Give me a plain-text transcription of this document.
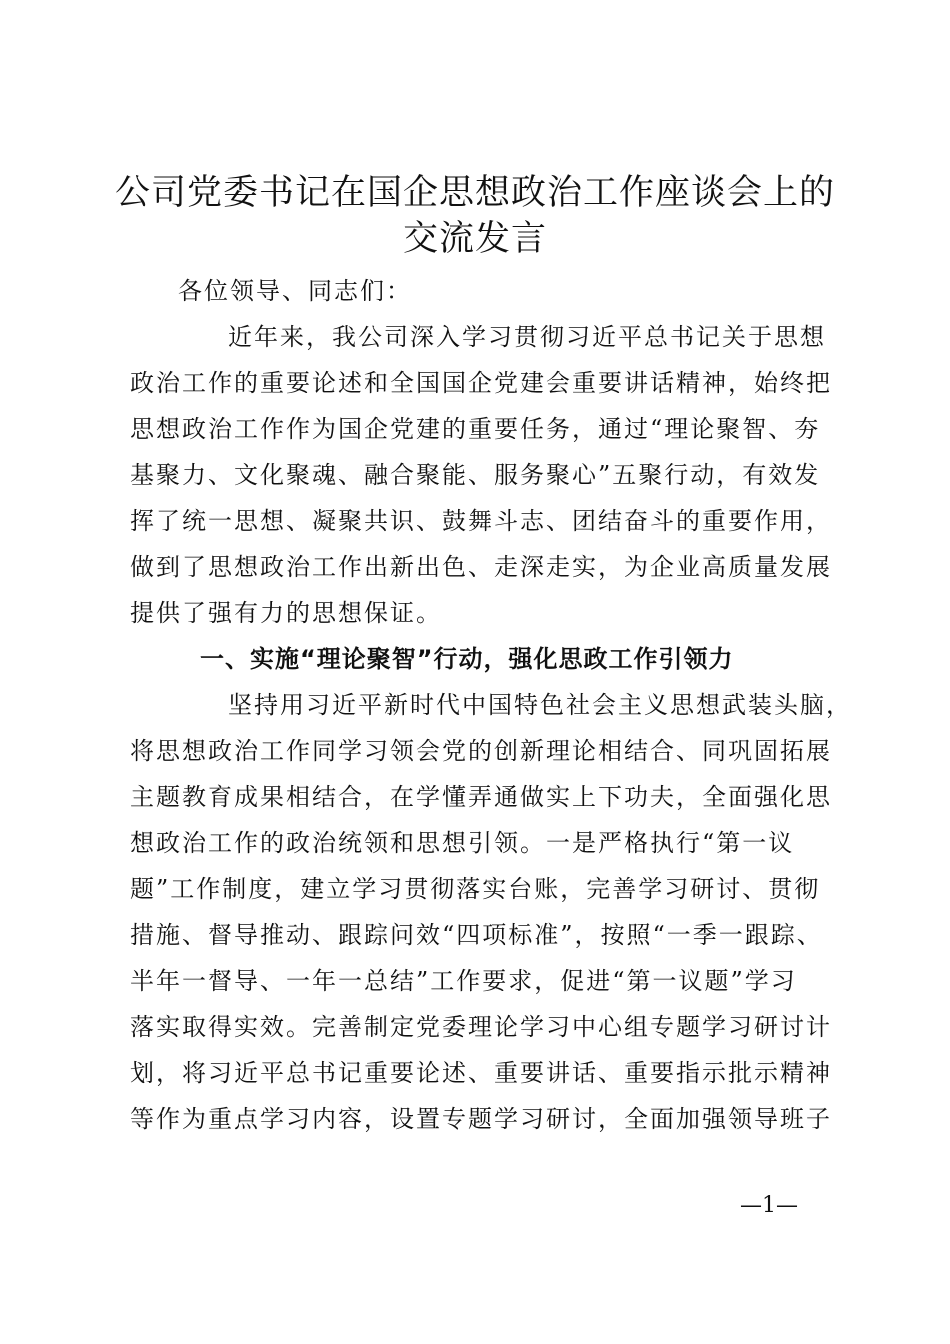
公司党委书记在国企思想政治工作座谈会上的
交流发言
各位领导、同志们：
近年来，我公司深入学习贯彻习近平总书记关于思想
政治工作的重要论述和全国国企党建会重要讲话精神，始终把
思想政治工作作为国企党建的重要任务，通过“理论聚智、夯
基聚力、文化聚魂、融合聚能、服务聚心”五聚行动，有效发
挥了统一思想、凝聚共识、鼓舞斗志、团结奋斗的重要作用，
做到了思想政治工作出新出色、走深走实，为企业高质量发展
提供了强有力的思想保证。
一、实施“理论聚智”行动，强化思政工作引领力
坚持用习近平新时代中国特色社会主义思想武装头脑，
将思想政治工作同学习领会党的创新理论相结合、同巩固拓展
主题教育成果相结合，在学懂弄通做实上下功夫，全面强化思
想政治工作的政治统领和思想引领。一是严格执行“第一议
题”工作制度，建立学习贯彻落实台账，完善学习研讨、贯彻
措施、督导推动、跟踪问效“四项标准”，按照“一季一跟踪、
半年一督导、一年一总结”工作要求，促进“第一议题”学习
落实取得实效。完善制定党委理论学习中心组专题学习研讨计
划，将习近平总书记重要论述、重要讲话、重要指示批示精神
等作为重点学习内容，设置专题学习研讨，全面加强领导班子
—1—
